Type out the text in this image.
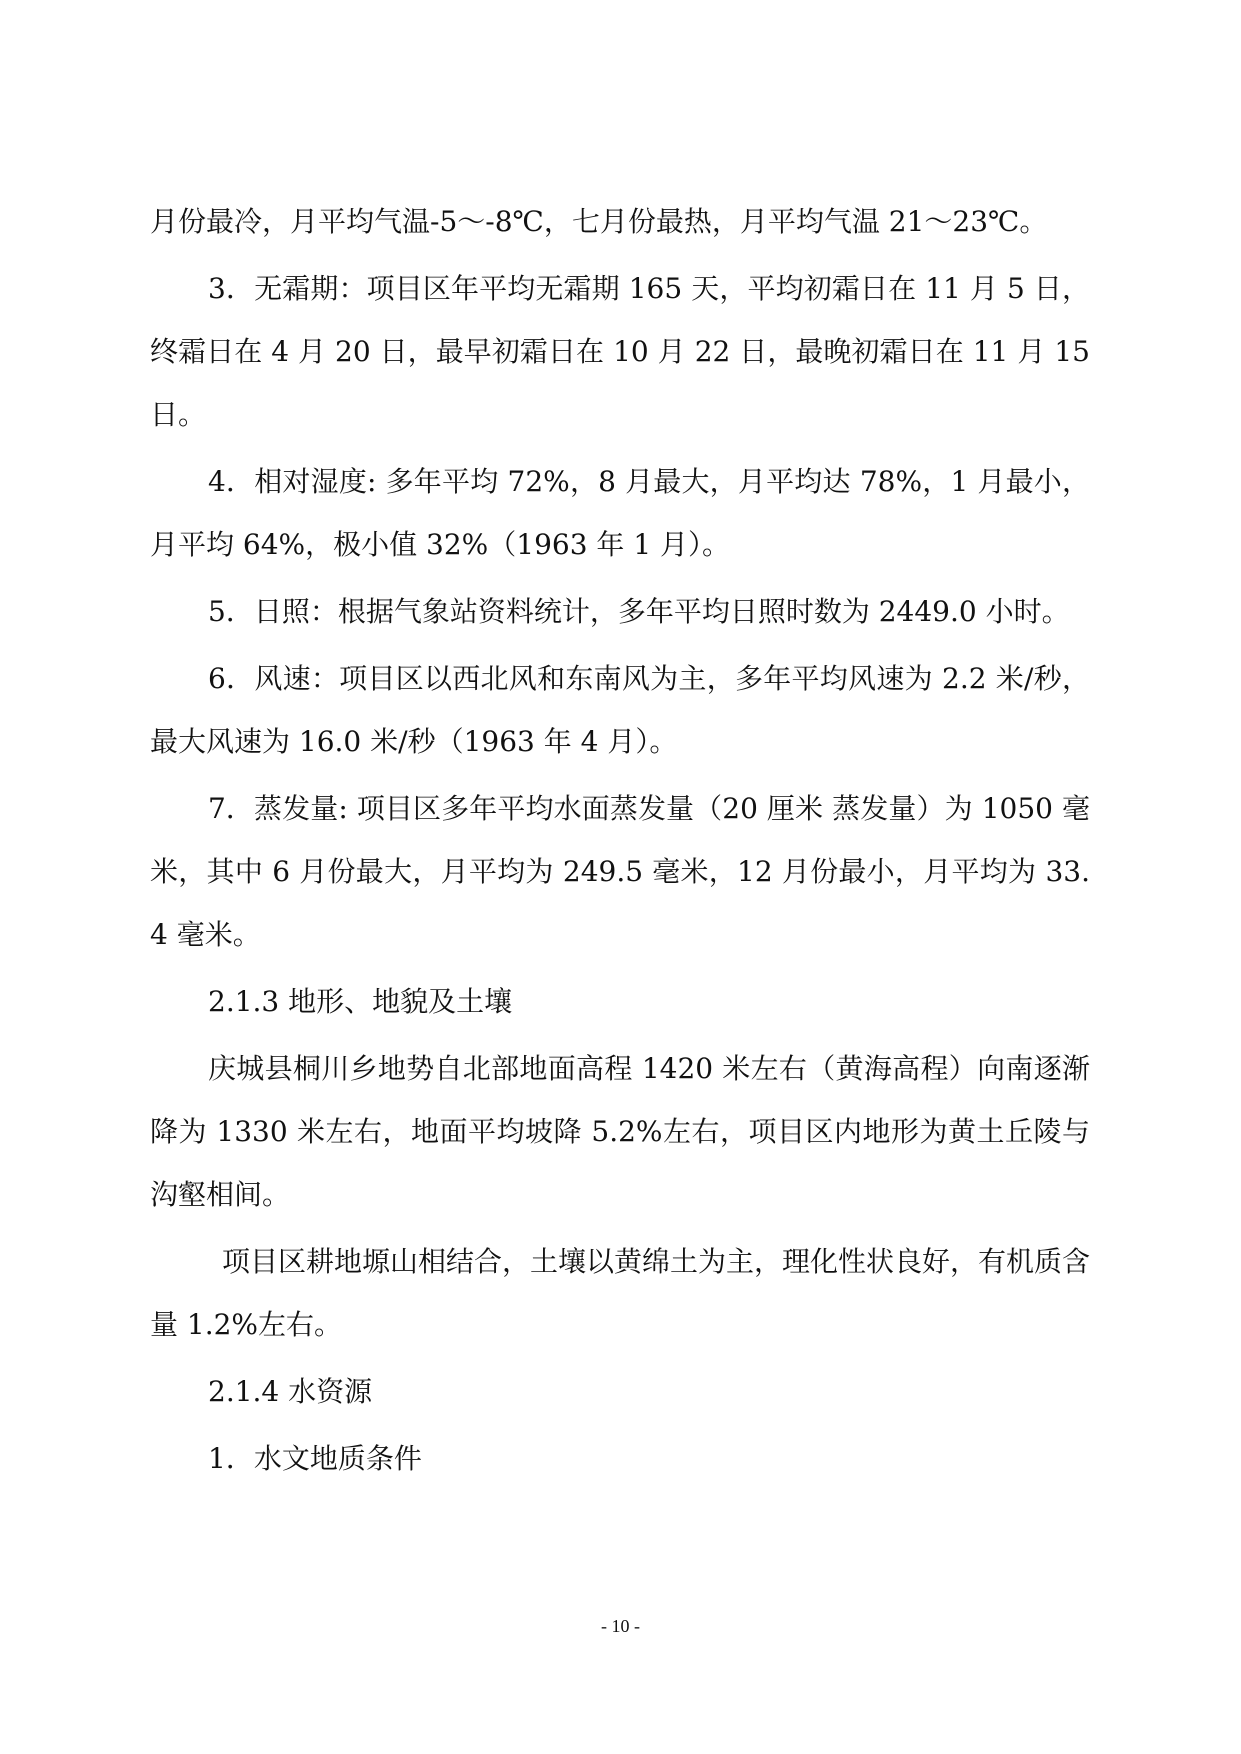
月份最冷，月平均气温-5～-8℃，七月份最热，月平均气温 21～23℃。

3．无霜期：项目区年平均无霜期 165 天，平均初霜日在 11 月 5 日，终霜日在 4 月 20 日，最早初霜日在 10 月 22 日，最晚初霜日在 11 月 15 日。

4．相对湿度: 多年平均 72%，8 月最大，月平均达 78%，1 月最小，月平均 64%，极小值 32%（1963 年 1 月）。

5．日照：根据气象站资料统计，多年平均日照时数为 2449.0 小时。

6．风速：项目区以西北风和东南风为主，多年平均风速为 2.2 米/秒，最大风速为 16.0 米/秒（1963 年 4 月）。

7．蒸发量: 项目区多年平均水面蒸发量（20 厘米 蒸发量）为 1050 毫米，其中 6 月份最大，月平均为 249.5 毫米，12 月份最小，月平均为 33.4 毫米。

2.1.3 地形、地貌及土壤

庆城县桐川乡地势自北部地面高程 1420 米左右（黄海高程）向南逐渐降为 1330 米左右，地面平均坡降 5.2%左右，项目区内地形为黄土丘陵与沟壑相间。

项目区耕地塬山相结合，土壤以黄绵土为主，理化性状良好，有机质含量 1.2%左右。

2.1.4 水资源

1．水文地质条件

- 10 -
